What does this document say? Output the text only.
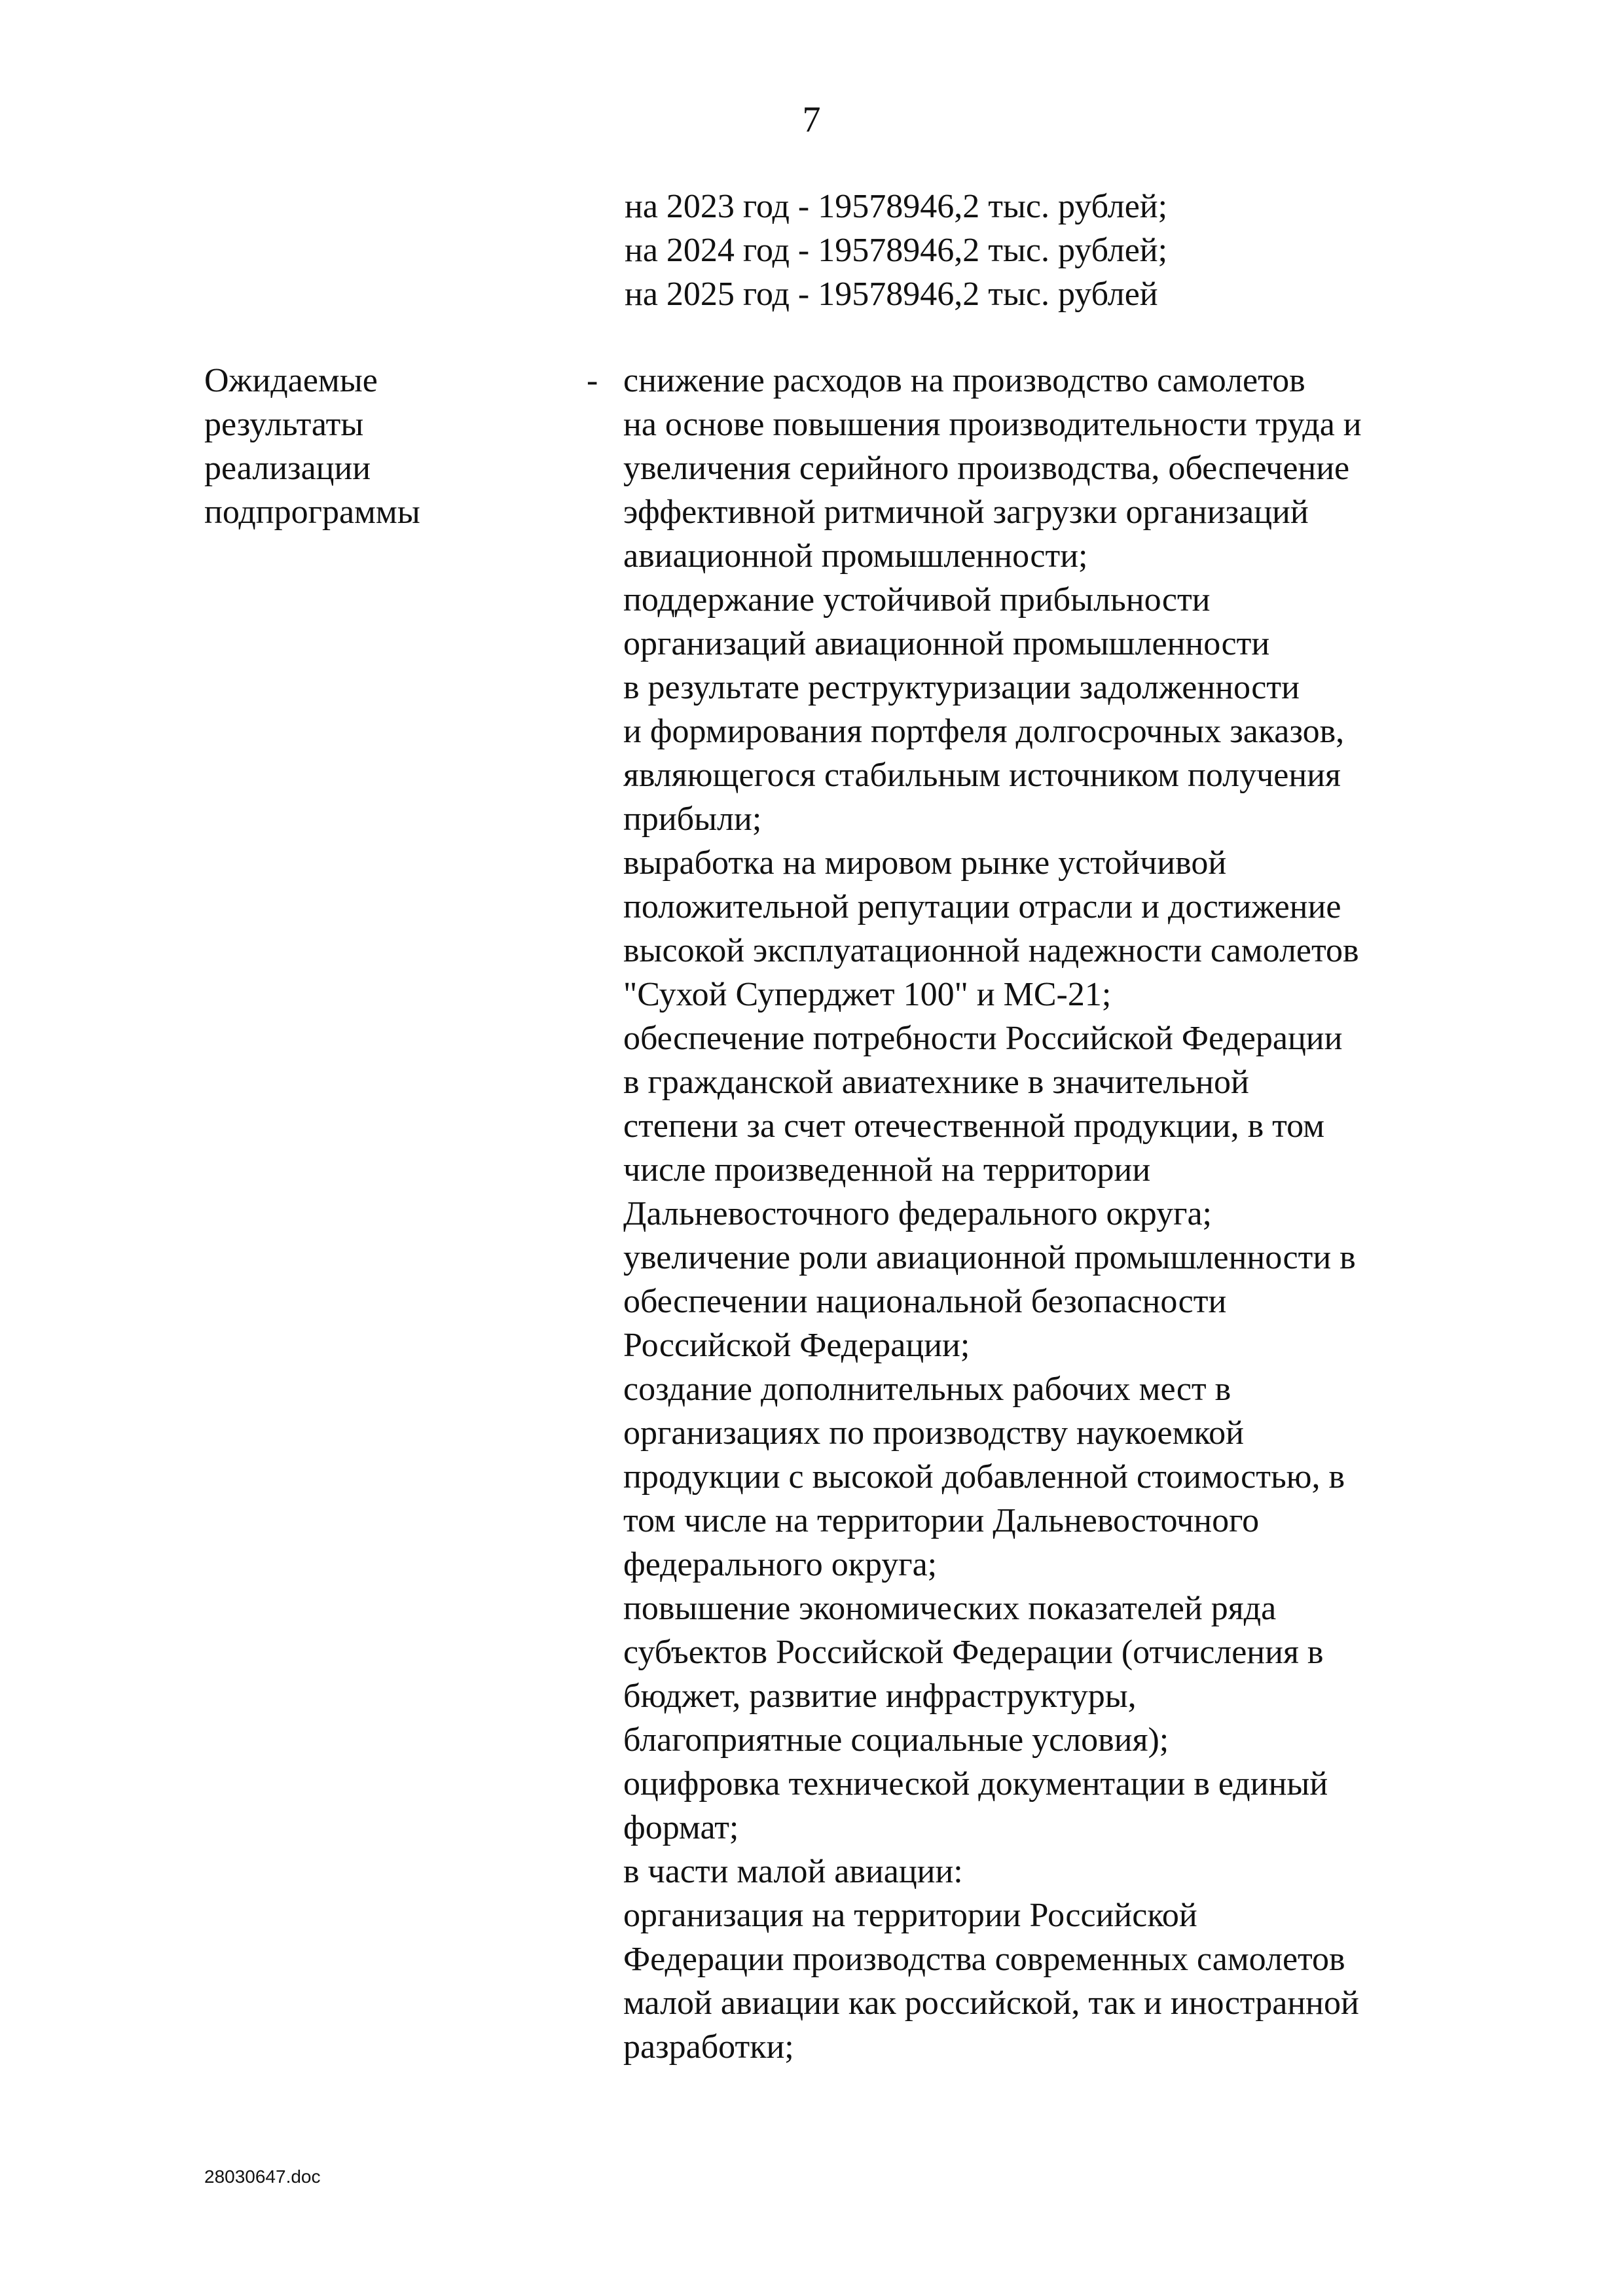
7
на 2023 год - 19578946,2 тыс. рублей;
на 2024 год - 19578946,2 тыс. рублей;
на 2025 год - 19578946,2 тыс. рублей
Ожидаемые
результаты
реализации
подпрограммы
- снижение расходов на производство самолетов
на основе повышения производительности труда и
увеличения серийного производства, обеспечение
эффективной ритмичной загрузки организаций
авиационной промышленности;
поддержание устойчивой прибыльности
организаций авиационной промышленности
в результате реструктуризации задолженности
и формирования портфеля долгосрочных заказов,
являющегося стабильным источником получения
прибыли;
выработка на мировом рынке устойчивой
положительной репутации отрасли и достижение
высокой эксплуатационной надежности самолетов
"Сухой Суперджет 100" и МС-21;
обеспечение потребности Российской Федерации
в гражданской авиатехнике в значительной
степени за счет отечественной продукции, в том
числе произведенной на территории
Дальневосточного федерального округа;
увеличение роли авиационной промышленности в
обеспечении национальной безопасности
Российской Федерации;
создание дополнительных рабочих мест в
организациях по производству наукоемкой
продукции с высокой добавленной стоимостью, в
том числе на территории Дальневосточного
федерального округа;
повышение экономических показателей ряда
субъектов Российской Федерации (отчисления в
бюджет, развитие инфраструктуры,
благоприятные социальные условия);
оцифровка технической документации в единый
формат;
в части малой авиации:
организация на территории Российской
Федерации производства современных самолетов
малой авиации как российской, так и иностранной
разработки;
28030647.doc
